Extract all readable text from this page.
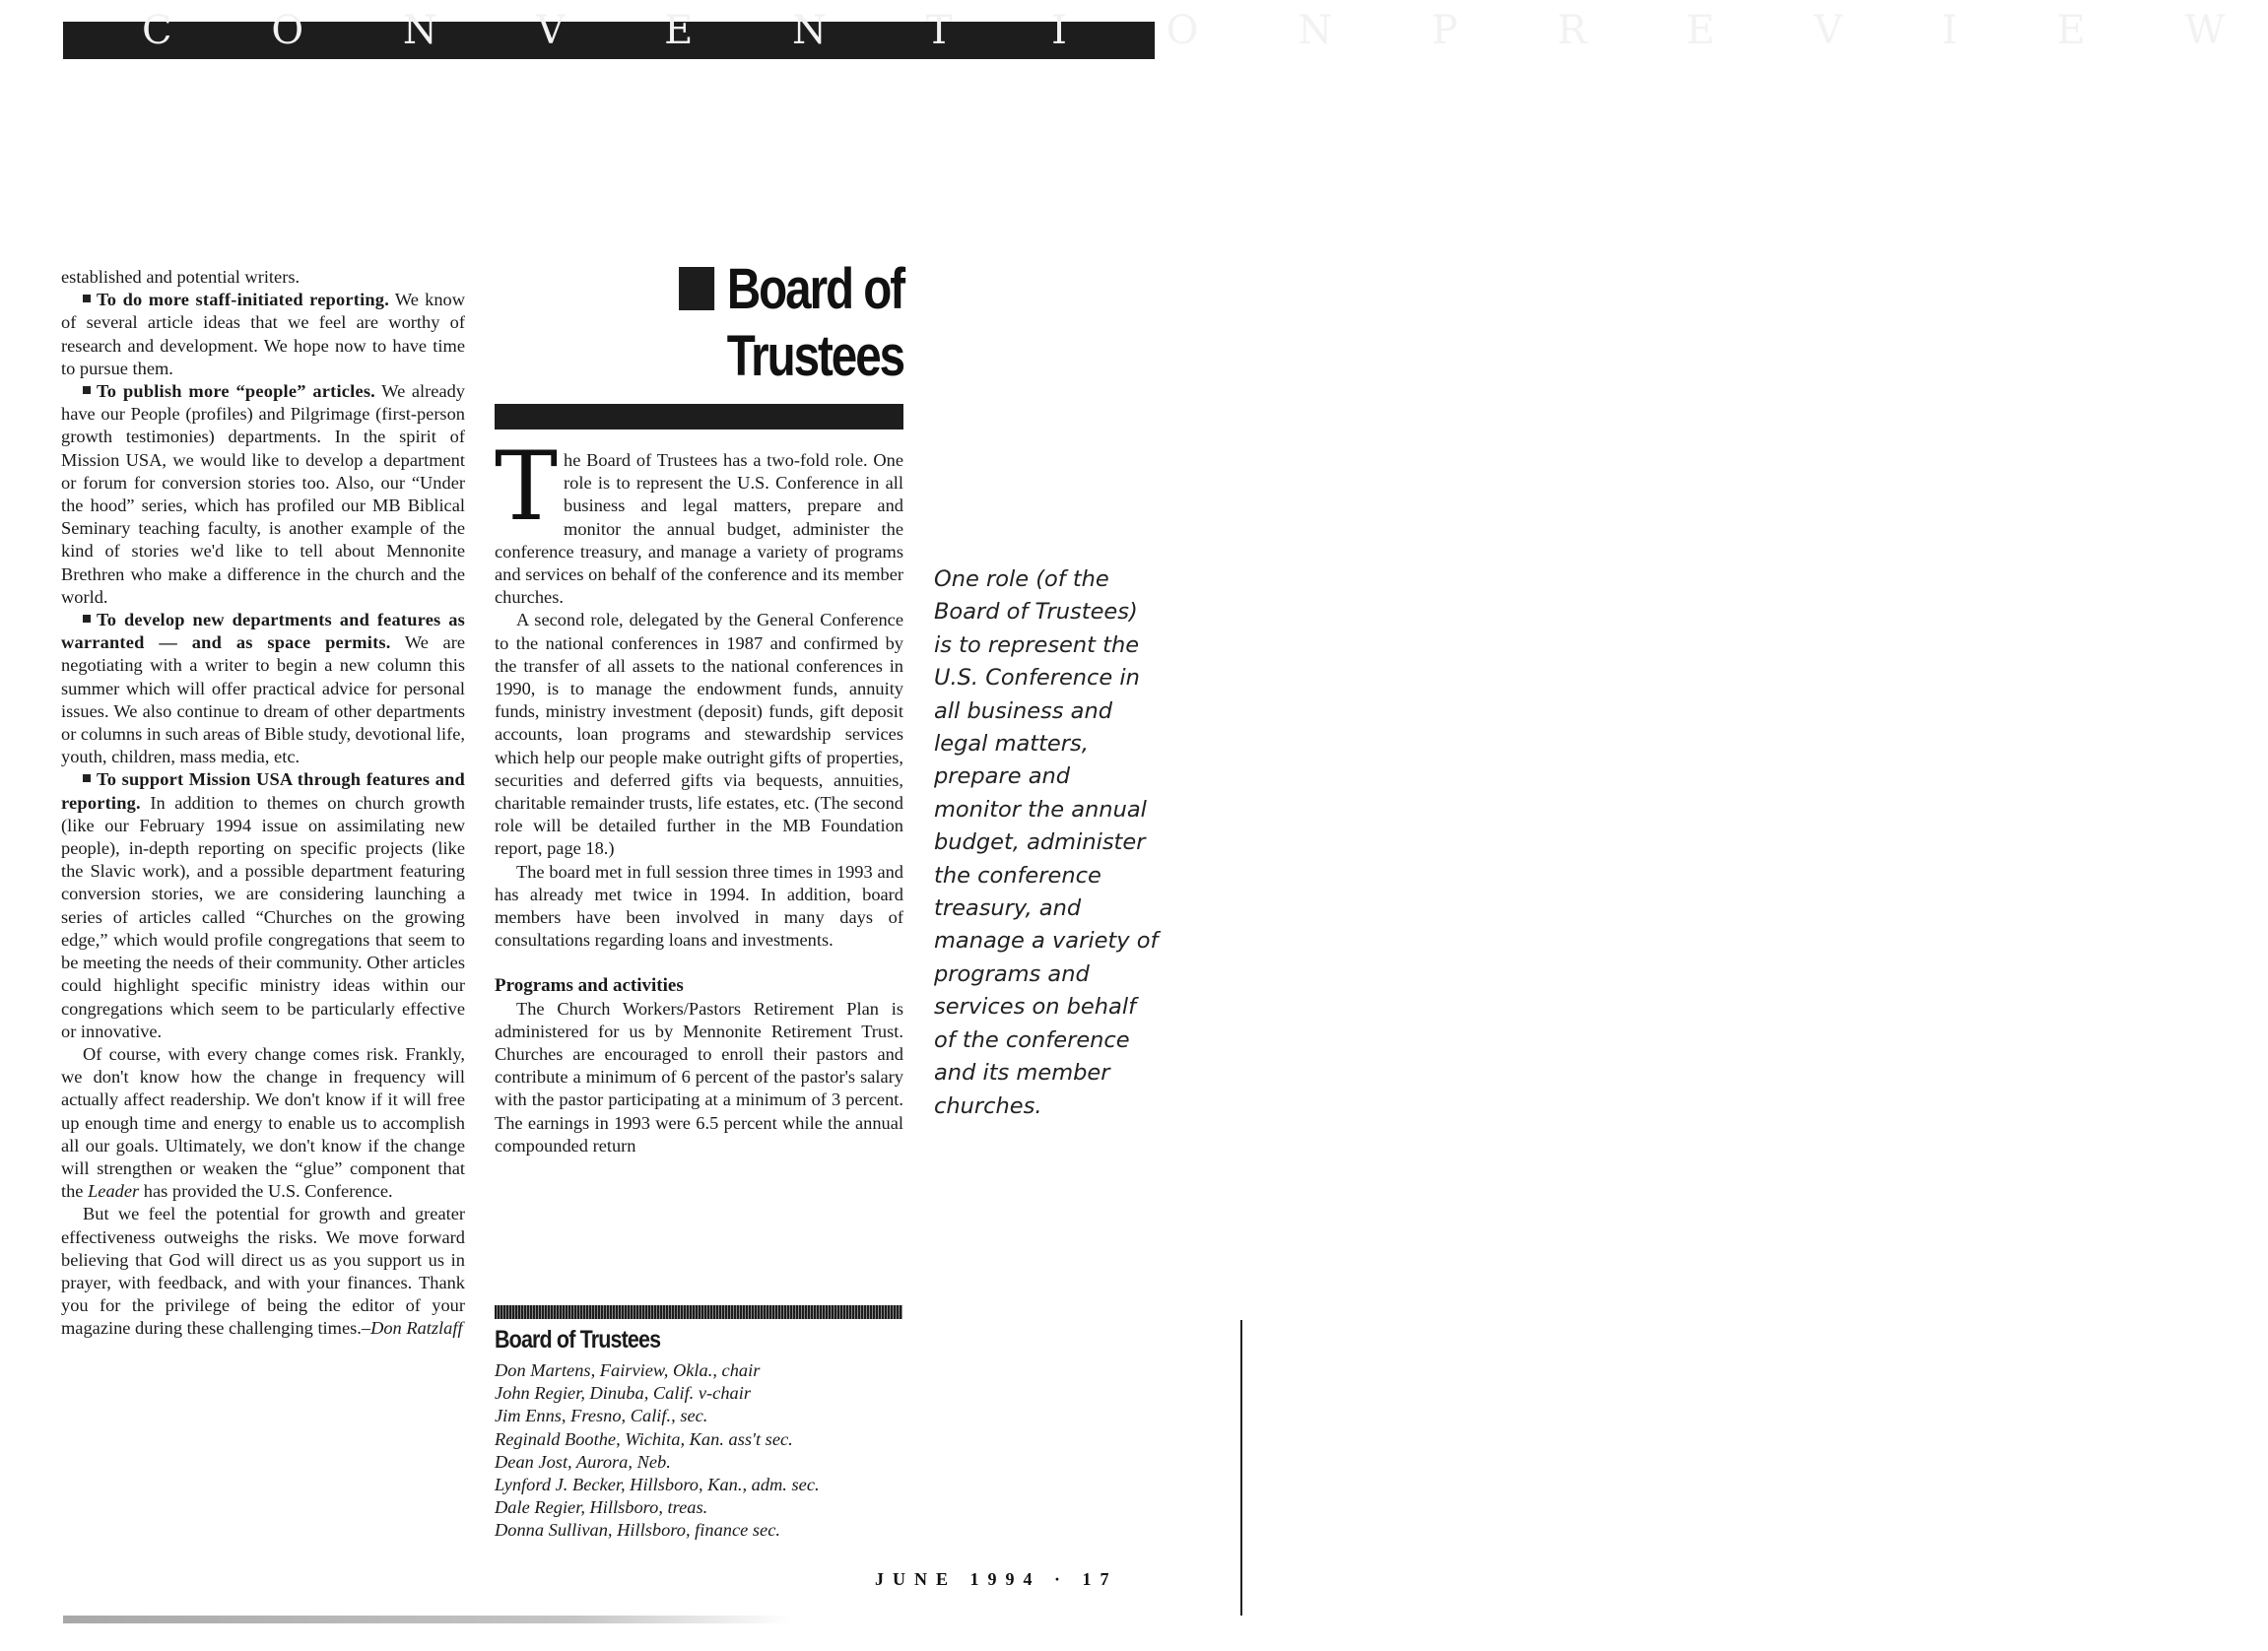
C O N V E N T I O N P R E V I E W

established and potential writers.

To do more staff-initiated reporting. We know of several article ideas that we feel are worthy of research and development. We hope now to have time to pursue them.

To publish more “people” articles. We already have our People (profiles) and Pilgrimage (first-person growth testimonies) departments. In the spirit of Mission USA, we would like to develop a department or forum for conversion stories too. Also, our “Under the hood” series, which has profiled our MB Biblical Seminary teaching faculty, is another example of the kind of stories we'd like to tell about Mennonite Brethren who make a difference in the church and the world.

To develop new departments and features as warranted — and as space permits. We are negotiating with a writer to begin a new column this summer which will offer practical advice for personal issues. We also continue to dream of other departments or columns in such areas of Bible study, devotional life, youth, children, mass media, etc.

To support Mission USA through features and reporting. In addition to themes on church growth (like our February 1994 issue on assimilating new people), in-depth reporting on specific projects (like the Slavic work), and a possible department featuring conversion stories, we are considering launching a series of articles called “Churches on the growing edge,” which would profile congregations that seem to be meeting the needs of their community. Other articles could highlight specific ministry ideas within our congregations which seem to be particularly effective or innovative.

Of course, with every change comes risk. Frankly, we don't know how the change in frequency will actually affect readership. We don't know if it will free up enough time and energy to enable us to accomplish all our goals. Ultimately, we don't know if the change will strengthen or weaken the “glue” component that the Leader has provided the U.S. Conference.

But we feel the potential for growth and greater effectiveness outweighs the risks. We move forward believing that God will direct us as you support us in prayer, with feedback, and with your finances. Thank you for the privilege of being the editor of your magazine during these challenging times.–Don Ratzlaff

Board of
Trustees

The Board of Trustees has a two-fold role. One role is to represent the U.S. Conference in all business and legal matters, prepare and monitor the annual budget, administer the conference treasury, and manage a variety of programs and services on behalf of the conference and its member churches.

A second role, delegated by the General Conference to the national conferences in 1987 and confirmed by the transfer of all assets to the national conferences in 1990, is to manage the endowment funds, annuity funds, ministry investment (deposit) funds, gift deposit accounts, loan programs and stewardship services which help our people make outright gifts of properties, securities and deferred gifts via bequests, annuities, charitable remainder trusts, life estates, etc. (The second role will be detailed further in the MB Foundation report, page 18.)

The board met in full session three times in 1993 and has already met twice in 1994. In addition, board members have been involved in many days of consultations regarding loans and investments.

Programs and activities

The Church Workers/Pastors Retirement Plan is administered for us by Mennonite Retirement Trust. Churches are encouraged to enroll their pastors and contribute a minimum of 6 percent of the pastor's salary with the pastor participating at a minimum of 3 percent. The earnings in 1993 were 6.5 percent while the annual compounded return

Board of Trustees
Don Martens, Fairview, Okla., chair
John Regier, Dinuba, Calif. v-chair
Jim Enns, Fresno, Calif., sec.
Reginald Boothe, Wichita, Kan. ass't sec.
Dean Jost, Aurora, Neb.
Lynford J. Becker, Hillsboro, Kan., adm. sec.
Dale Regier, Hillsboro, treas.
Donna Sullivan, Hillsboro, finance sec.
One role (of the Board of Trustees) is to represent the U.S. Conference in all business and legal matters, prepare and monitor the annual budget, administer the conference treasury, and manage a variety of programs and services on behalf of the conference and its member churches.
JUNE 1994 · 17
